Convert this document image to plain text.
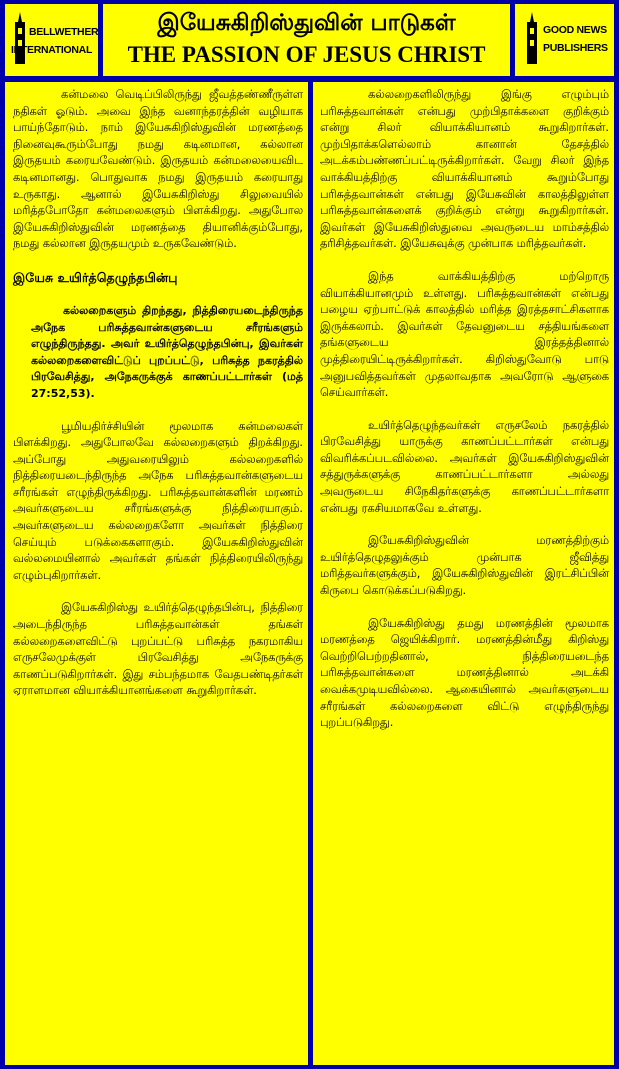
BELLWETHER
INTERNATIONAL
இயேசுகிறிஸ்துவின் பாடுகள்
THE PASSION OF JESUS CHRIST
GOOD NEWS
PUBLISHERS

கன்மலை வெடிப்பிலிருந்து ஜீவத்தண்ணீருள்ள நதிகள் ஓடும். அவை இந்த வனாந்தரத்தின் வழியாக பாய்ந்தோடும். நாம் இயேசுகிறிஸ்துவின் மரணத்தை நினைவுகூரும்போது நமது கடினமான, கல்லான இருதயம் கரையவேண்டும். இருதயம் கன்மலையைவிட கடினமானது. பொதுவாக நமது இருதயம் கரையாது உருகாது. ஆனால் இயேசுகிறிஸ்து சிலுவையில் மரித்தபோதோ கன்மலைகளும் பிளக்கிறது. அதுபோல இயேசுகிறிஸ்துவின் மரணத்தை தியானிக்கும்போது, நமது கல்லான இருதயமும் உருகவேண்டும்.

இயேசு உயிர்த்தெழுந்தபின்பு

கல்லறைகளும் திறந்தது, நித்திரையடைந்திருந்த அநேக பரிசுத்தவான்களுடைய சரீரங்களும் எழுந்திருந்தது. அவர் உயிர்த்தெழுந்தபின்பு, இவர்கள் கல்லறைகளைவிட்டுப் புறப்பட்டு, பரிசுத்த நகரத்தில் பிரவேசித்து, அநேகருக்குக் காணப்பட்டார்கள் (மத் 27:52,53).

பூமியதிர்ச்சியின் மூலமாக கன்மலைகள் பிளக்கிறது. அதுபோலவே கல்லறைகளும் திறக்கிறது. அப்போது அதுவரையிலும் கல்லறைகளில் நித்திரையடைந்திருந்த அநேக பரிசுத்தவான்களுடைய சரீரங்கள் எழுந்திருக்கிறது. பரிசுத்தவான்களின் மரணம் அவர்களுடைய சரீரங்களுக்கு நித்திரையாகும். அவர்களுடைய கல்லறைகளோ அவர்கள் நித்திரை செய்யும் படுக்கைகளாகும். இயேசுகிறிஸ்துவின் வல்லமையினால் அவர்கள் தங்கள் நித்திரையிலிருந்து எழும்புகிறார்கள்.

இயேசுகிறிஸ்து உயிர்த்தெழுந்தபின்பு, நித்திரை அடைந்திருந்த பரிசுத்தவான்கள் தங்கள் கல்லறைகளைவிட்டு புறப்பட்டு பரிசுத்த நகரமாகிய எருசலேமுக்குள் பிரவேசித்து அநேகருக்கு காணப்படுகிறார்கள். இது சம்பந்தமாக வேதபண்டிதர்கள் ஏராளமான வியாக்கியானங்களை கூறுகிறார்கள்.

கல்லறைகளிலிருந்து இங்கு எழும்பும் பரிசுத்தவான்கள் என்பது முற்பிதாக்களை குறிக்கும் என்று சிலர் வியாக்கியானம் கூறுகிறார்கள். முற்பிதாக்களெல்லாம் கானான் தேசத்தில் அடக்கம்பண்ணப்பட்டிருக்கிறார்கள். வேறு சிலர் இந்த வாக்கியத்திற்கு வியாக்கியானம் கூறும்போது பரிசுத்தவான்கள் என்பது இயேசுவின் காலத்திலுள்ள பரிசுத்தவான்களைக் குறிக்கும் என்று கூறுகிறார்கள். இவர்கள் இயேசுகிறிஸ்துவை அவருடைய மாம்சத்தில் தரிசித்தவர்கள். இயேசுவுக்கு முன்பாக மரித்தவர்கள்.

இந்த வாக்கியத்திற்கு மற்றொரு வியாக்கியானமும் உள்ளது. பரிசுத்தவான்கள் என்பது பழைய ஏற்பாட்டுக் காலத்தில் மரித்த இரத்தசாட்சிகளாக இருக்கலாம். இவர்கள் தேவனுடைய சத்தியங்களை தங்களுடைய இரத்தத்தினால் முத்திரையிட்டிருக்கிறார்கள். கிறிஸ்துவோடு பாடு அனுபவித்தவர்கள் முதலாவதாக அவரோடு ஆளுகை செய்வார்கள்.

உயிர்த்தெழுந்தவர்கள் எருசலேம் நகரத்தில் பிரவேசித்து யாருக்கு காணப்பட்டார்கள் என்பது விவரிக்கப்படவில்லை. அவர்கள் இயேசுகிறிஸ்துவின் சத்துருக்களுக்கு காணப்பட்டார்களா அல்லது அவருடைய சிநேகிதர்களுக்கு காணப்பட்டார்களா என்பது ரகசியமாகவே உள்ளது.

இயேசுகிறிஸ்துவின் மரணத்திற்கும் உயிர்த்தெழுதலுக்கும் முன்பாக ஜீவித்து மரித்தவர்களுக்கும், இயேசுகிறிஸ்துவின் இரட்சிப்பின் கிருபை கொடுக்கப்படுகிறது.

இயேசுகிறிஸ்து தமது மரணத்தின் மூலமாக மரணத்தை ஜெயிக்கிறார். மரணத்தின்மீது கிறிஸ்து வெற்றிபெற்றதினால், நித்திரையடைந்த பரிசுத்தவான்களை மரணத்தினால் அடக்கி வைக்கமுடியவில்லை. ஆகையினால் அவர்களுடைய சரீரங்கள் கல்லறைகளை விட்டு எழுந்திருந்து புறப்படுகிறது.
